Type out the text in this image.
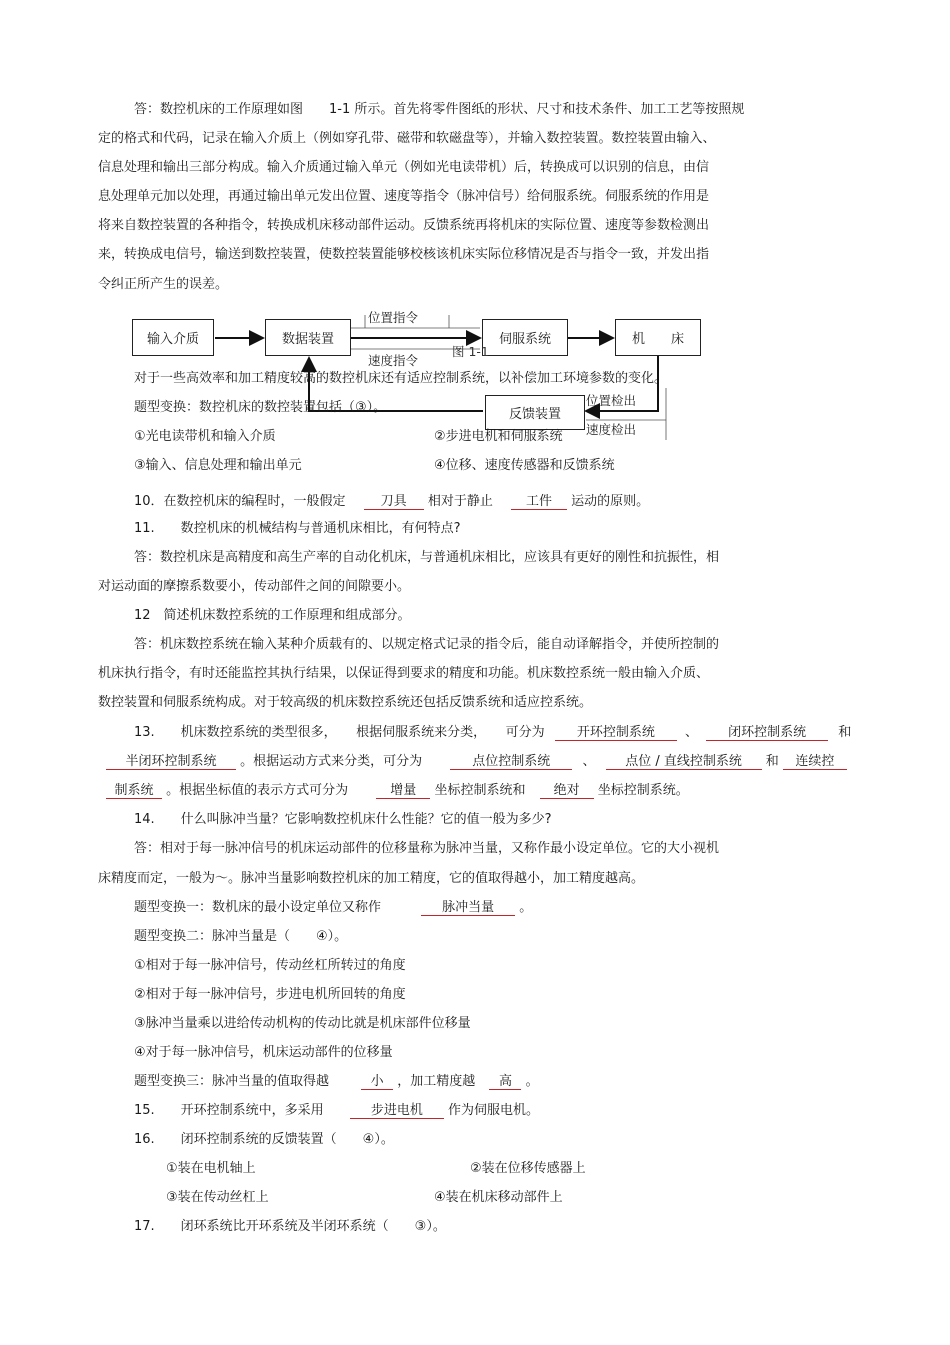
答：数控机床的工作原理如图　　1-1 所示。首先将零件图纸的形状、尺寸和技术条件、加工工艺等按照规
定的格式和代码，记录在输入介质上（例如穿孔带、磁带和软磁盘等），并输入数控装置。数控装置由输入、
信息处理和输出三部分构成。输入介质通过输入单元（例如光电读带机）后，转换成可以识别的信息，由信
息处理单元加以处理，再通过输出单元发出位置、速度等指令（脉冲信号）给伺服系统。伺服系统的作用是
将来自数控装置的各种指令，转换成机床移动部件运动。反馈系统再将机床的实际位置、速度等参数检测出
来，转换成电信号，输送到数控装置，使数控装置能够校核该机床实际位移情况是否与指令一致，并发出指
令纠正所产生的误差。
输入介质	数据装置	伺服系统	机　　床
反馈装置
位置指令
速度指令
图 1-1
位置检出
速度检出
对于一些高效率和加工精度较高的数控机床还有适应控制系统，以补偿加工环境参数的变化。
题型变换：数控机床的数控装置包括（③）。
①光电读带机和输入介质	②步进电机和伺服系统
③输入、信息处理和输出单元	④位移、速度传感器和反馈系统
10．在数控机床的编程时，一般假定	刀具 相对于静止	工件 运动的原则。
11.　　数控机床的机械结构与普通机床相比，有何特点?
答：数控机床是高精度和高生产率的自动化机床，与普通机床相比，应该具有更好的刚性和抗振性，相
对运动面的摩擦系数要小，传动部件之间的间隙要小。
12　简述机床数控系统的工作原理和组成部分。
答：机床数控系统在输入某种介质载有的、以规定格式记录的指令后，能自动译解指令，并使所控制的
机床执行指令，有时还能监控其执行结果，以保证得到要求的精度和功能。机床数控系统一般由输入介质、
数控装置和伺服系统构成。对于较高级的机床数控系统还包括反馈系统和适应控系统。
13.　　机床数控系统的类型很多，　　根据伺服系统来分类，　　可分为 开环控制系统 、 闭环控制系统 和
半闭环控制系统 。根据运动方式来分类，可分为	点位控制系统 、 点位 / 直线控制系统 和 连续控
制系统 。根据坐标值的表示方式可分为	增量 坐标控制系统和 绝对 坐标控制系统。
14.　　什么叫脉冲当量？它影响数控机床什么性能？它的值一般为多少?
答：相对于每一脉冲信号的机床运动部件的位移量称为脉冲当量，又称作最小设定单位。它的大小视机
床精度而定，一般为～。脉冲当量影响数控机床的加工精度，它的值取得越小，加工精度越高。
题型变换一：数机床的最小设定单位又称作	脉冲当量 。
题型变换二：脉冲当量是（　　④）。
①相对于每一脉冲信号，传动丝杠所转过的角度
②相对于每一脉冲信号，步进电机所回转的角度
③脉冲当量乘以进给传动机构的传动比就是机床部件位移量
④对于每一脉冲信号，机床运动部件的位移量
题型变换三：脉冲当量的值取得越	小 ，加工精度越 高 。
15.　　开环控制系统中，多采用	步进电机 作为伺服电机。
16.　　闭环控制系统的反馈装置（　　④）。
①装在电机轴上	②装在位移传感器上
③装在传动丝杠上	④装在机床移动部件上
17.　　闭环系统比开环系统及半闭环系统（　　③）。
